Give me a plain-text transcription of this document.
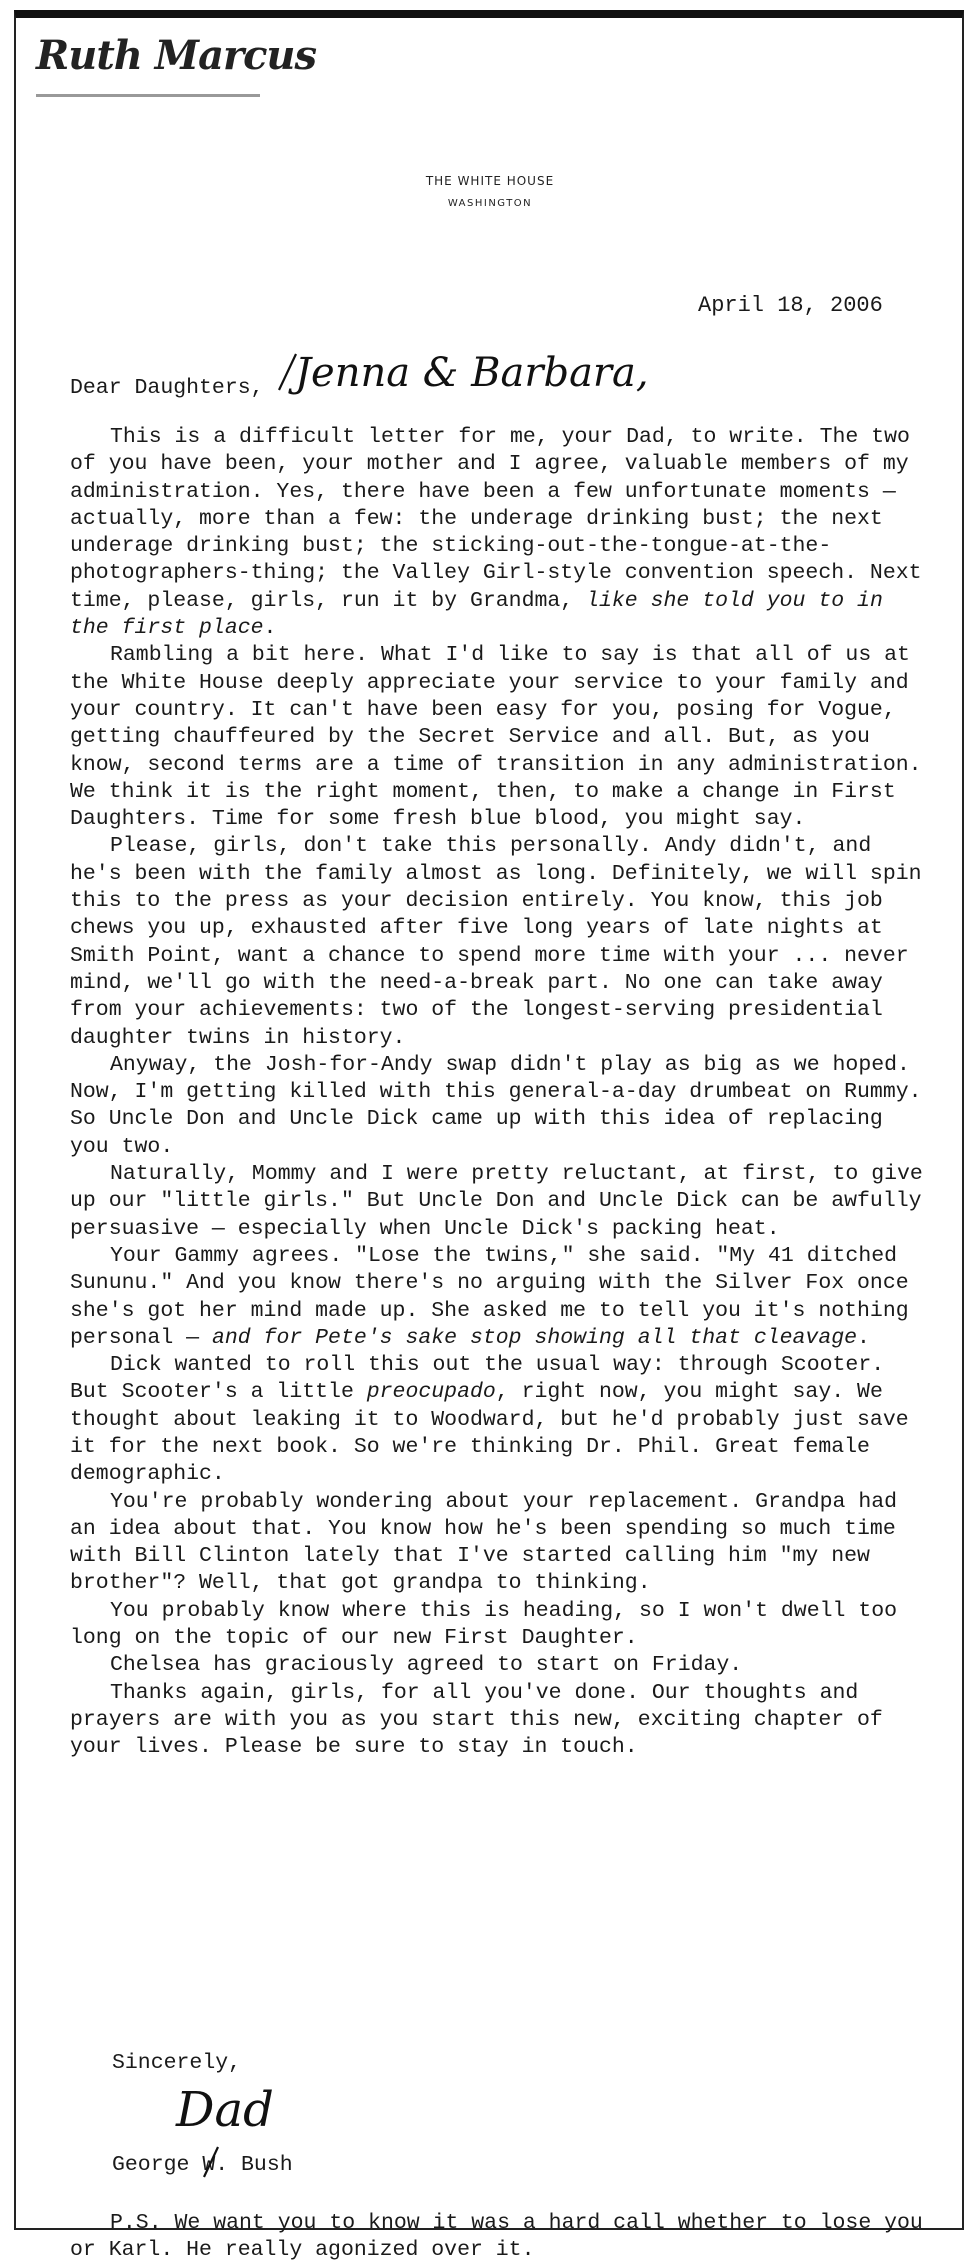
Ruth Marcus
THE WHITE HOUSE
WASHINGTON
April 18, 2006
Dear Daughters, Jenna & Barbara,

This is a difficult letter for me, your Dad, to write. The two of you have been, your mother and I agree, valuable members of my administration. Yes, there have been a few unfortunate moments — actually, more than a few: the underage drinking bust; the next underage drinking bust; the sticking-out-the-tongue-at-the-photographers-thing; the Valley Girl-style convention speech. Next time, please, girls, run it by Grandma, like she told you to in the first place.

Rambling a bit here. What I'd like to say is that all of us at the White House deeply appreciate your service to your family and your country. It can't have been easy for you, posing for Vogue, getting chauffeured by the Secret Service and all. But, as you know, second terms are a time of transition in any administration. We think it is the right moment, then, to make a change in First Daughters. Time for some fresh blue blood, you might say.

Please, girls, don't take this personally. Andy didn't, and he's been with the family almost as long. Definitely, we will spin this to the press as your decision entirely. You know, this job chews you up, exhausted after five long years of late nights at Smith Point, want a chance to spend more time with your ... never mind, we'll go with the need-a-break part. No one can take away from your achievements: two of the longest-serving presidential daughter twins in history.

Anyway, the Josh-for-Andy swap didn't play as big as we hoped. Now, I'm getting killed with this general-a-day drumbeat on Rummy. So Uncle Don and Uncle Dick came up with this idea of replacing you two.

Naturally, Mommy and I were pretty reluctant, at first, to give up our "little girls." But Uncle Don and Uncle Dick can be awfully persuasive — especially when Uncle Dick's packing heat.

Your Gammy agrees. "Lose the twins," she said. "My 41 ditched Sununu." And you know there's no arguing with the Silver Fox once she's got her mind made up. She asked me to tell you it's nothing personal — and for Pete's sake stop showing all that cleavage.

Dick wanted to roll this out the usual way: through Scooter. But Scooter's a little preocupado, right now, you might say. We thought about leaking it to Woodward, but he'd probably just save it for the next book. So we're thinking Dr. Phil. Great female demographic.

You're probably wondering about your replacement. Grandpa had an idea about that. You know how he's been spending so much time with Bill Clinton lately that I've started calling him "my new brother"? Well, that got grandpa to thinking.

You probably know where this is heading, so I won't dwell too long on the topic of our new First Daughter.

Chelsea has graciously agreed to start on Friday.

Thanks again, girls, for all you've done. Our thoughts and prayers are with you as you start this new, exciting chapter of your lives. Please be sure to stay in touch.

Sincerely,
Dad
George W. Bush

P.S. We want you to know it was a hard call whether to lose you or Karl. He really agonized over it.
